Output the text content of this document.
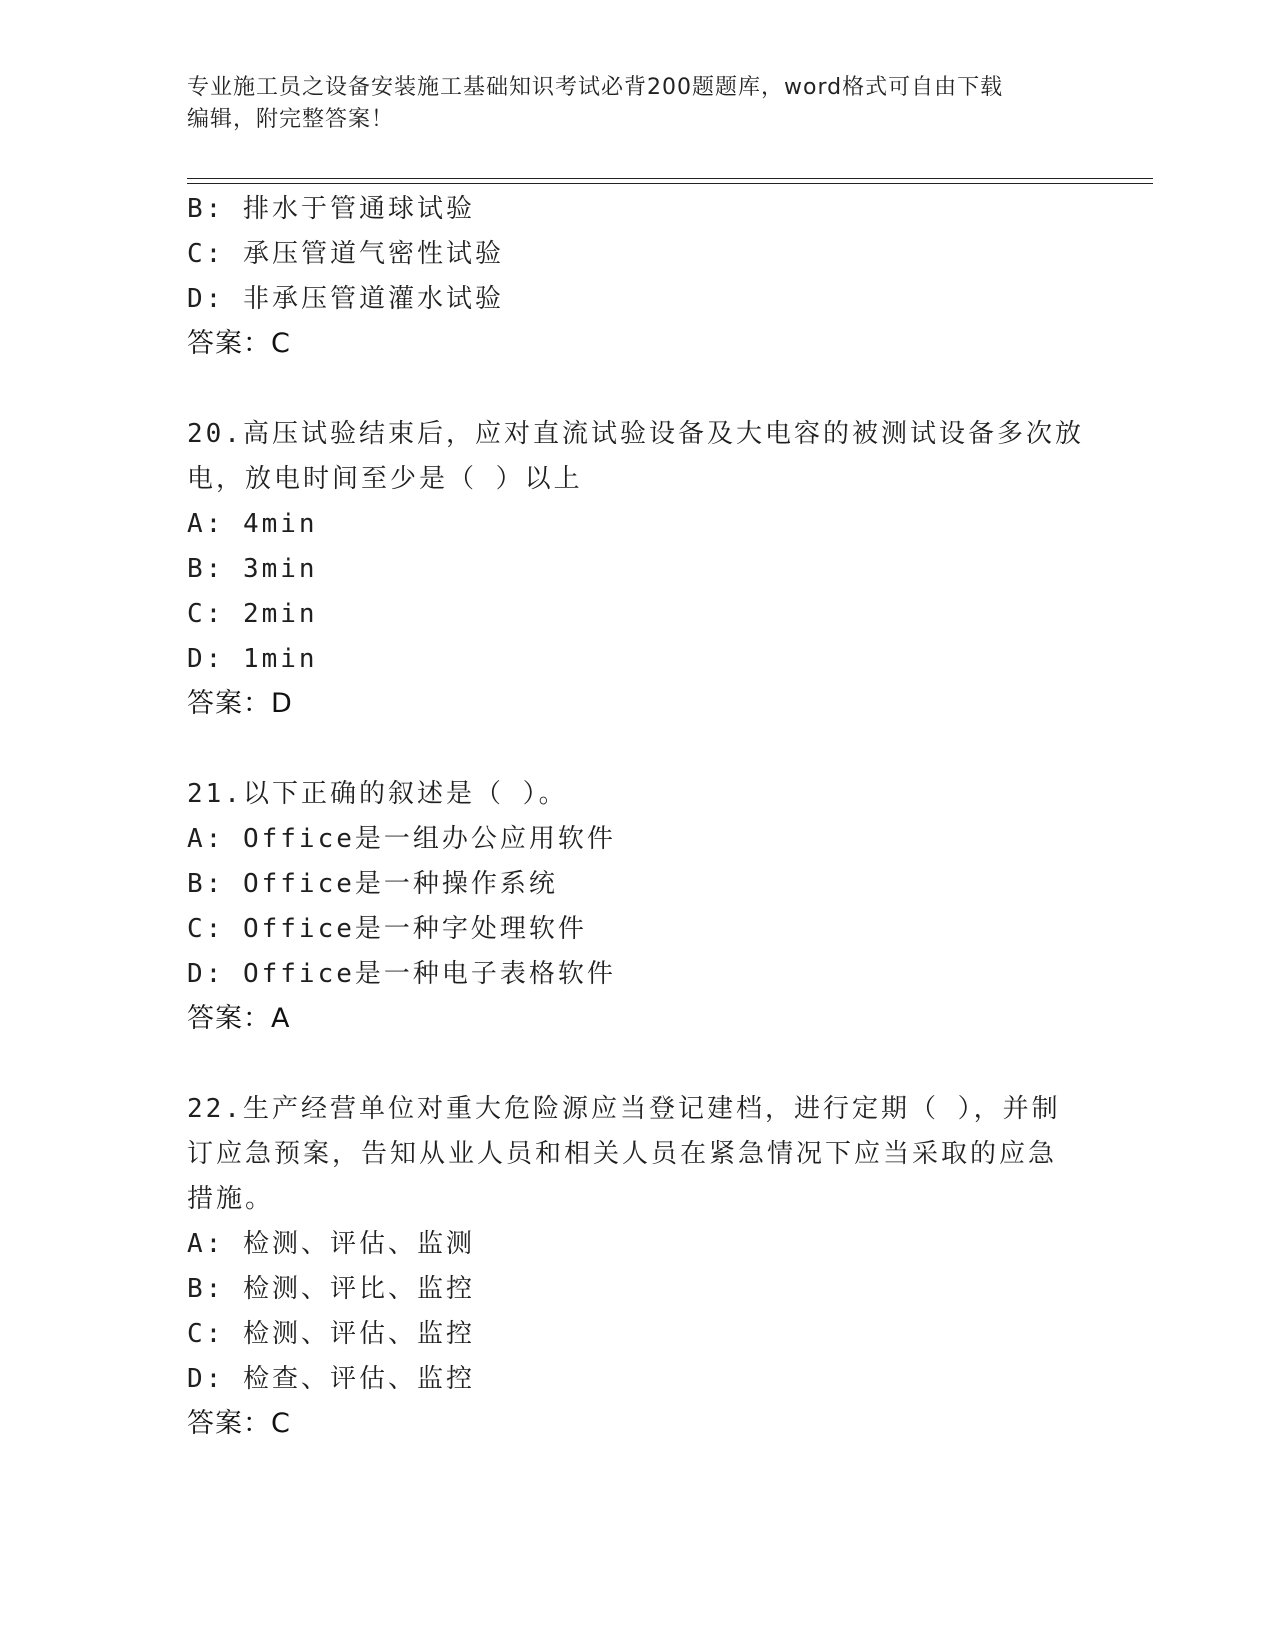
专业施工员之设备安装施工基础知识考试必背200题题库，word格式可自由下载
编辑，附完整答案！
B: 排水于管通球试验
C: 承压管道气密性试验
D: 非承压管道灌水试验
答案：C
20.高压试验结束后，应对直流试验设备及大电容的被测试设备多次放
电，放电时间至少是（ ）以上
A: 4min
B: 3min
C: 2min
D: 1min
答案：D
21.以下正确的叙述是（ ）。
A: Office是一组办公应用软件
B: Office是一种操作系统
C: Office是一种字处理软件
D: Office是一种电子表格软件
答案：A
22.生产经营单位对重大危险源应当登记建档，进行定期（ ），并制
订应急预案，告知从业人员和相关人员在紧急情况下应当采取的应急
措施。
A: 检测、评估、监测
B: 检测、评比、监控
C: 检测、评估、监控
D: 检查、评估、监控
答案：C
